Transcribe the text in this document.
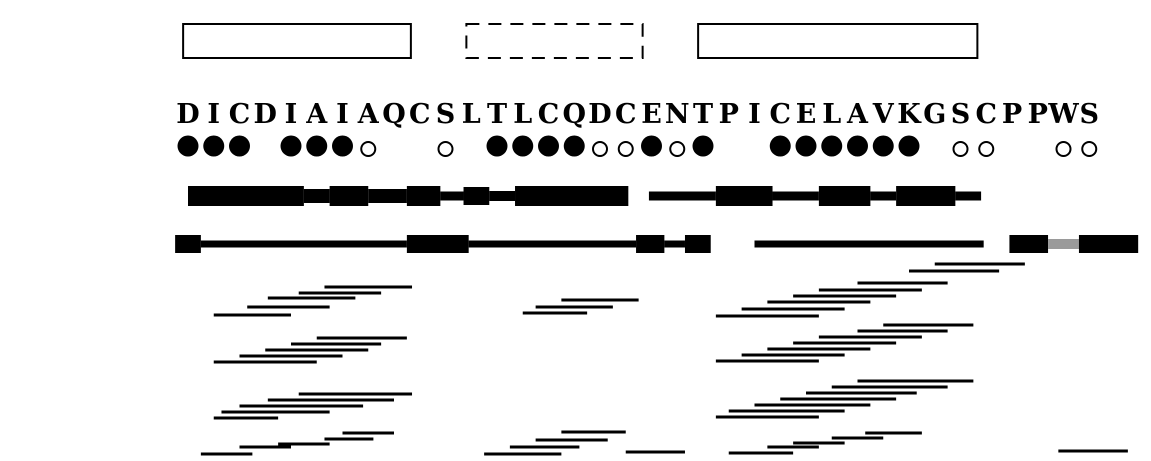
D I C D I A I A Q C S L T L C Q D C E N T P I C E L A V K G S C P P W S
